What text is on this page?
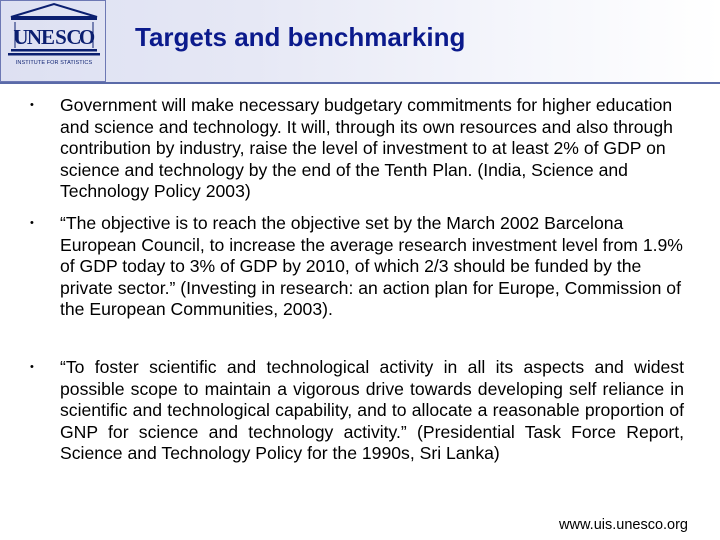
U
N
E S C
O
INSTITUTE FOR STATISTICS
Targets and benchmarking
•	Government will make necessary budgetary commitments for higher education and science and technology. It will, through its own resources and also through contribution by industry, raise the level of investment to at least 2% of GDP on science and technology by the end of the Tenth Plan. (India, Science and Technology Policy 2003)

•	“The objective is to reach the objective set by the March 2002 Barcelona European Council, to increase the average research investment level from 1.9% of GDP today to 3% of GDP by 2010, of which 2/3 should be funded by the private sector.” (Investing in research: an action plan for Europe, Commission of the European Communities, 2003).

•	“To foster scientific and technological activity in all its aspects and widest possible scope to maintain a vigorous drive towards developing self reliance in scientific and technological capability, and to allocate a reasonable proportion of GNP for science and technology activity.” (Presidential Task Force Report, Science and Technology Policy for the 1990s, Sri Lanka)

www.uis.unesco.org
